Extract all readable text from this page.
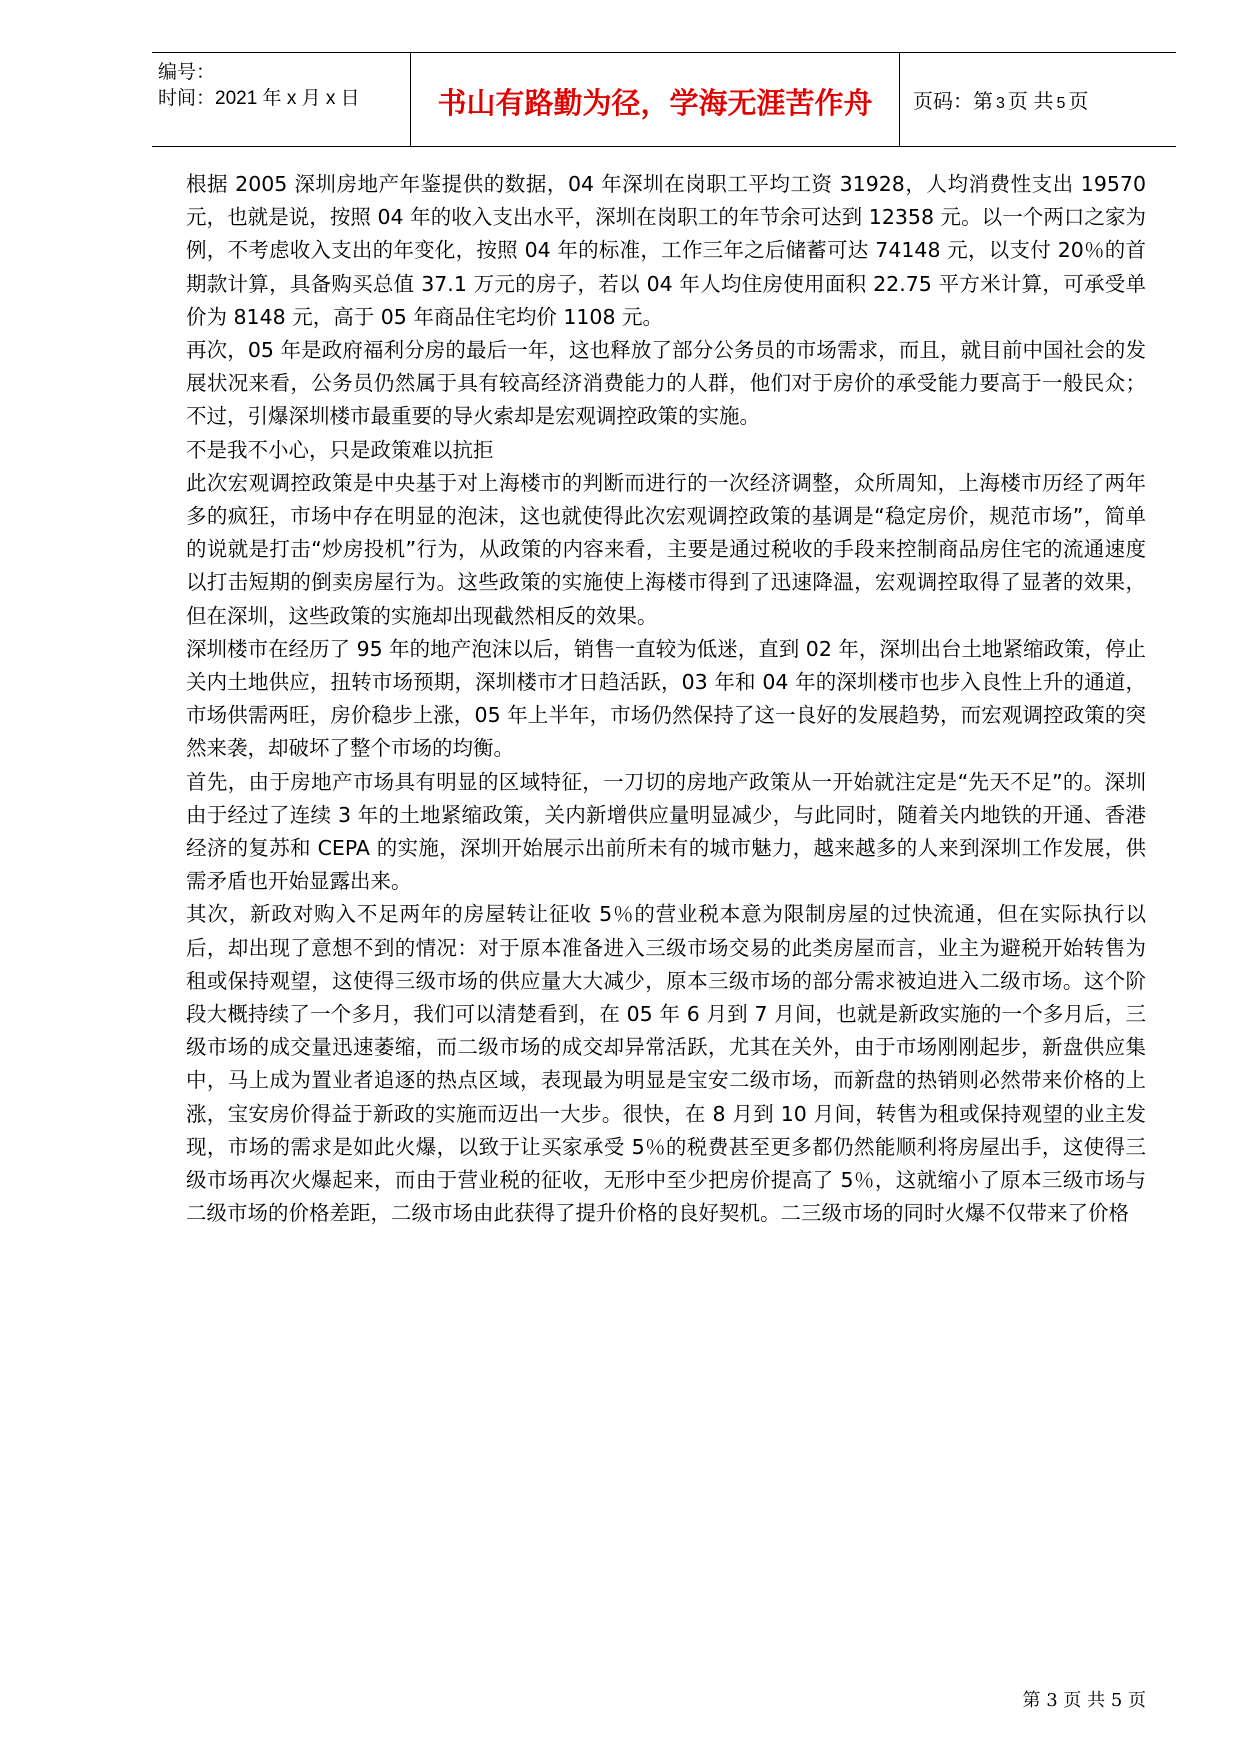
编号：
时间：2021 年 x 月 x 日	书山有路勤为径，学海无涯苦作舟	页码：第 3 页 共 5 页

根据 2005 深圳房地产年鉴提供的数据，04 年深圳在岗职工平均工资 31928，人均消费性支出 19570 元，也就是说，按照 04 年的收入支出水平，深圳在岗职工的年节余可达到 12358 元。以一个两口之家为例，不考虑收入支出的年变化，按照 04 年的标准，工作三年之后储蓄可达 74148 元，以支付 20％的首期款计算，具备购买总值 37.1 万元的房子，若以 04 年人均住房使用面积 22.75 平方米计算，可承受单价为 8148 元，高于 05 年商品住宅均价 1108 元。

再次，05 年是政府福利分房的最后一年，这也释放了部分公务员的市场需求，而且，就目前中国社会的发展状况来看，公务员仍然属于具有较高经济消费能力的人群，他们对于房价的承受能力要高于一般民众；不过，引爆深圳楼市最重要的导火索却是宏观调控政策的实施。

不是我不小心，只是政策难以抗拒

此次宏观调控政策是中央基于对上海楼市的判断而进行的一次经济调整，众所周知，上海楼市历经了两年多的疯狂，市场中存在明显的泡沫，这也就使得此次宏观调控政策的基调是“稳定房价，规范市场”，简单的说就是打击“炒房投机”行为，从政策的内容来看，主要是通过税收的手段来控制商品房住宅的流通速度以打击短期的倒卖房屋行为。这些政策的实施使上海楼市得到了迅速降温，宏观调控取得了显著的效果，但在深圳，这些政策的实施却出现截然相反的效果。

深圳楼市在经历了 95 年的地产泡沫以后，销售一直较为低迷，直到 02 年，深圳出台土地紧缩政策，停止关内土地供应，扭转市场预期，深圳楼市才日趋活跃，03 年和 04 年的深圳楼市也步入良性上升的通道，市场供需两旺，房价稳步上涨，05 年上半年，市场仍然保持了这一良好的发展趋势，而宏观调控政策的突然来袭，却破坏了整个市场的均衡。

首先，由于房地产市场具有明显的区域特征，一刀切的房地产政策从一开始就注定是“先天不足”的。深圳由于经过了连续 3 年的土地紧缩政策，关内新增供应量明显减少，与此同时，随着关内地铁的开通、香港经济的复苏和 CEPA 的实施，深圳开始展示出前所未有的城市魅力，越来越多的人来到深圳工作发展，供需矛盾也开始显露出来。

其次，新政对购入不足两年的房屋转让征收 5％的营业税本意为限制房屋的过快流通，但在实际执行以后，却出现了意想不到的情况：对于原本准备进入三级市场交易的此类房屋而言，业主为避税开始转售为租或保持观望，这使得三级市场的供应量大大减少，原本三级市场的部分需求被迫进入二级市场。这个阶段大概持续了一个多月，我们可以清楚看到，在 05 年 6 月到 7 月间，也就是新政实施的一个多月后，三级市场的成交量迅速萎缩，而二级市场的成交却异常活跃，尤其在关外，由于市场刚刚起步，新盘供应集中，马上成为置业者追逐的热点区域，表现最为明显是宝安二级市场，而新盘的热销则必然带来价格的上涨，宝安房价得益于新政的实施而迈出一大步。很快，在 8 月到 10 月间，转售为租或保持观望的业主发现，市场的需求是如此火爆，以致于让买家承受 5％的税费甚至更多都仍然能顺利将房屋出手，这使得三级市场再次火爆起来，而由于营业税的征收，无形中至少把房价提高了 5％，这就缩小了原本三级市场与二级市场的价格差距，二级市场由此获得了提升价格的良好契机。二三级市场的同时火爆不仅带来了价格

第 3 页 共 5 页
